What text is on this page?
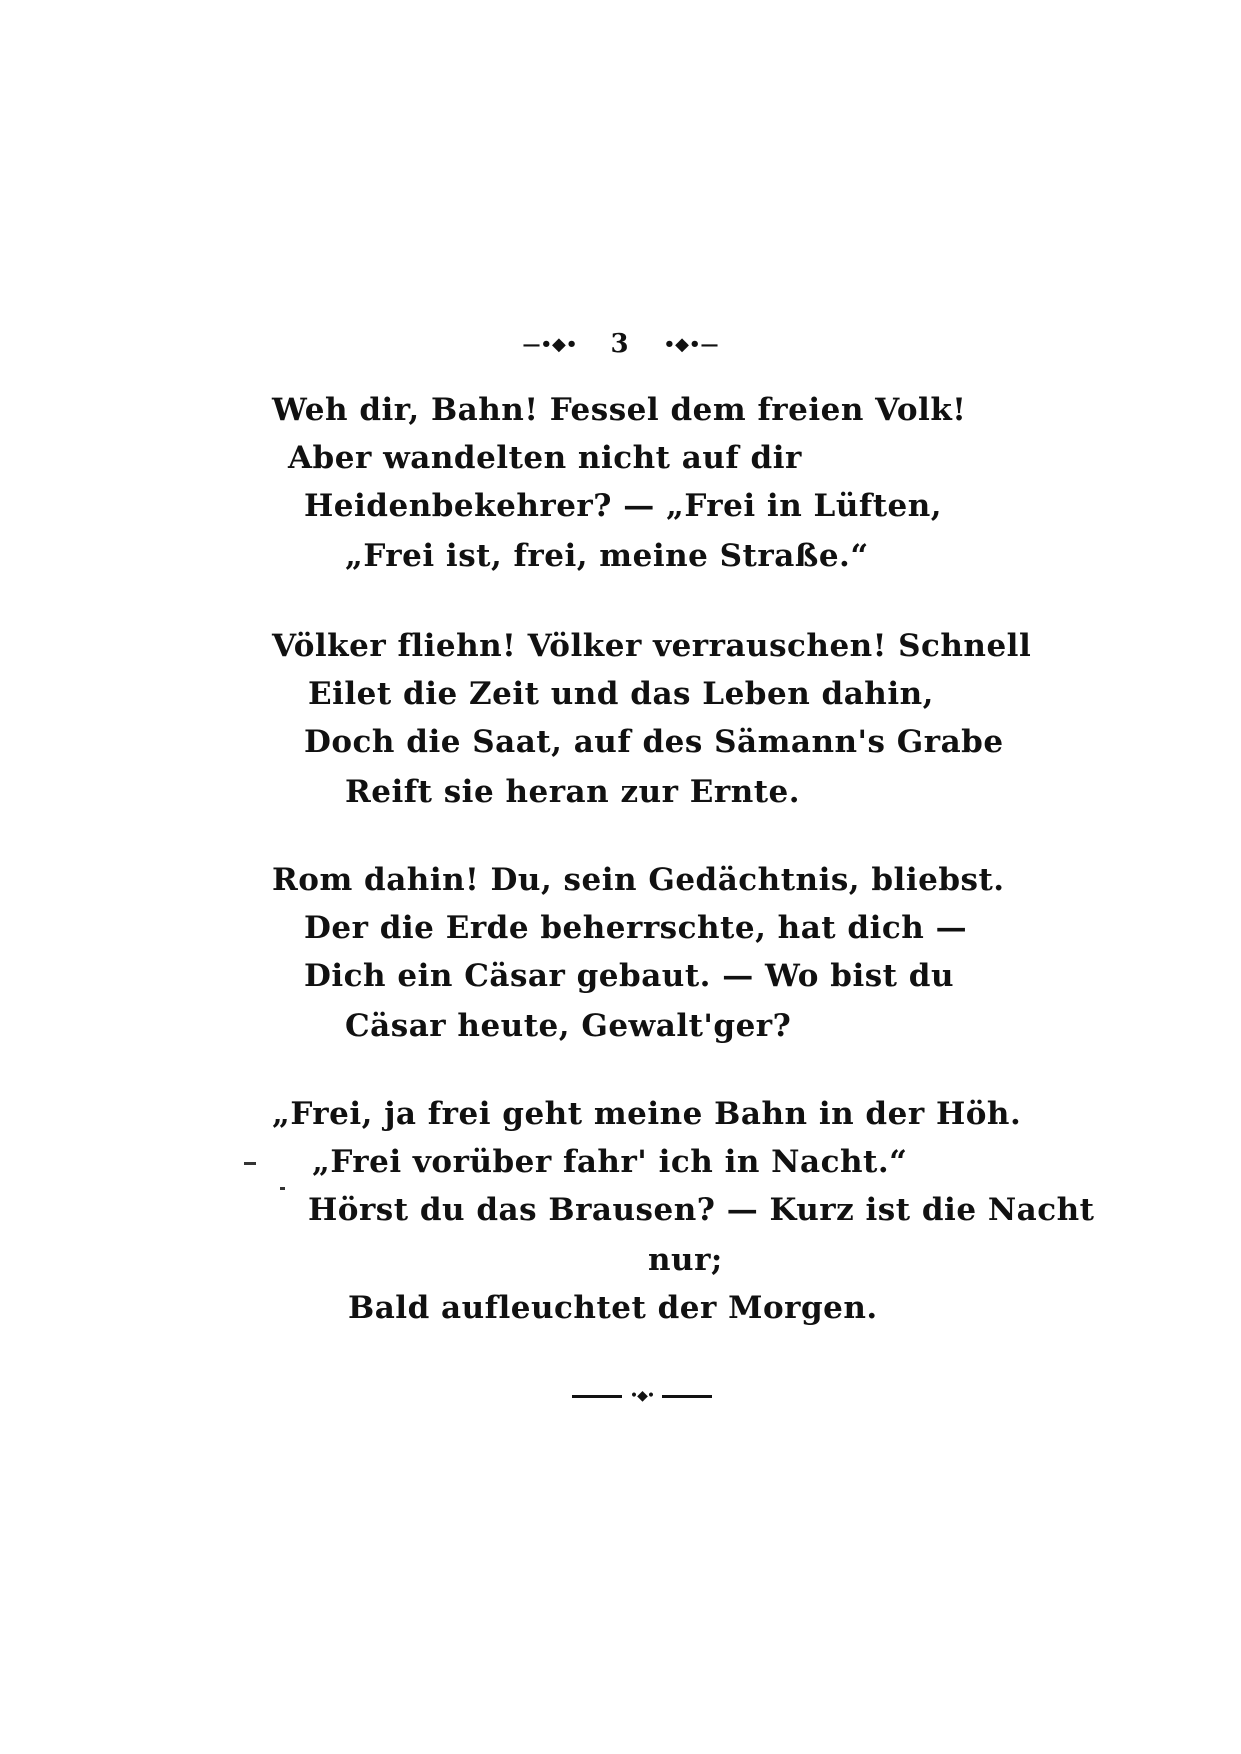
—•◆• 3 •◆•—
Weh dir, Bahn! Fessel dem freien Volk!
Aber wandelten nicht auf dir
Heidenbekehrer? — „Frei in Lüften,
„Frei ist, frei, meine Straße.“
Völker fliehn! Völker verrauschen! Schnell
Eilet die Zeit und das Leben dahin,
Doch die Saat, auf des Sämann's Grabe
Reift sie heran zur Ernte.
Rom dahin! Du, sein Gedächtnis, bliebst.
Der die Erde beherrschte, hat dich —
Dich ein Cäsar gebaut. — Wo bist du
Cäsar heute, Gewalt'ger?
„Frei, ja frei geht meine Bahn in der Höh.
„Frei vorüber fahr' ich in Nacht.“
Hörst du das Brausen? — Kurz ist die Nacht
nur;
Bald aufleuchtet der Morgen.
•◆•
